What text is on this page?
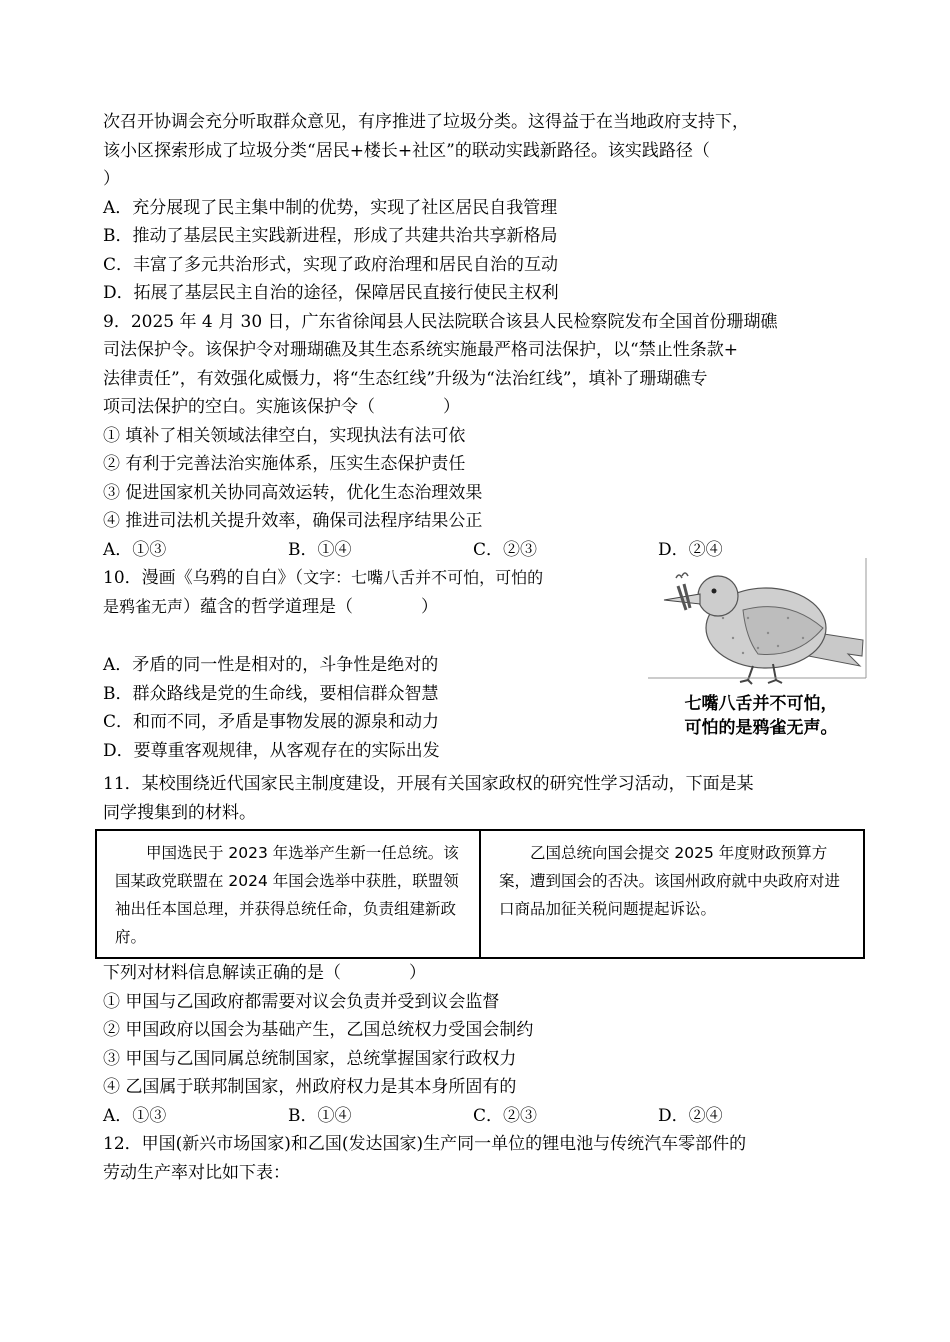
次召开协调会充分听取群众意见，有序推进了垃圾分类。这得益于在当地政府支持下，
该小区探索形成了垃圾分类“居民+楼长+社区”的联动实践新路径。该实践路径（
）
A．充分展现了民主集中制的优势，实现了社区居民自我管理
B．推动了基层民主实践新进程，形成了共建共治共享新格局
C．丰富了多元共治形式，实现了政府治理和居民自治的互动
D．拓展了基层民主自治的途径，保障居民直接行使民主权利
9．2025 年 4 月 30 日，广东省徐闻县人民法院联合该县人民检察院发布全国首份珊瑚礁
司法保护令。该保护令对珊瑚礁及其生态系统实施最严格司法保护，以“禁止性条款+
法律责任”，有效强化威慑力，将“生态红线”升级为“法治红线”，填补了珊瑚礁专
项司法保护的空白。实施该保护令（　　　　）
① 填补了相关领域法律空白，实现执法有法可依
② 有利于完善法治实施体系，压实生态保护责任
③ 促进国家机关协同高效运转，优化生态治理效果
④ 推进司法机关提升效率，确保司法程序结果公正
A．①③	B．①④	C．②③	D．②④
10．漫画《乌鸦的自白》（文字：七嘴八舌并不可怕，可怕的
是鸦雀无声）蕴含的哲学道理是（　　　　）
A．矛盾的同一性是相对的，斗争性是绝对的
B．群众路线是党的生命线，要相信群众智慧
C．和而不同，矛盾是事物发展的源泉和动力
D．要尊重客观规律，从客观存在的实际出发
七嘴八舌并不可怕，
可怕的是鸦雀无声。
11．某校围绕近代国家民主制度建设，开展有关国家政权的研究性学习活动，下面是某
同学搜集到的材料。

甲国选民于 2023 年选举产生新一任总统。该国某政党联盟在 2024 年国会选举中获胜，联盟领袖出任本国总理，并获得总统任命，负责组建新政府。

乙国总统向国会提交 2025 年度财政预算方案，遭到国会的否决。该国州政府就中央政府对进口商品加征关税问题提起诉讼。

下列对材料信息解读正确的是（　　　　）
① 甲国与乙国政府都需要对议会负责并受到议会监督
② 甲国政府以国会为基础产生，乙国总统权力受国会制约
③ 甲国与乙国同属总统制国家，总统掌握国家行政权力
④ 乙国属于联邦制国家，州政府权力是其本身所固有的
A．①③	B．①④	C．②③	D．②④
12．甲国(新兴市场国家)和乙国(发达国家)生产同一单位的锂电池与传统汽车零部件的
劳动生产率对比如下表：
